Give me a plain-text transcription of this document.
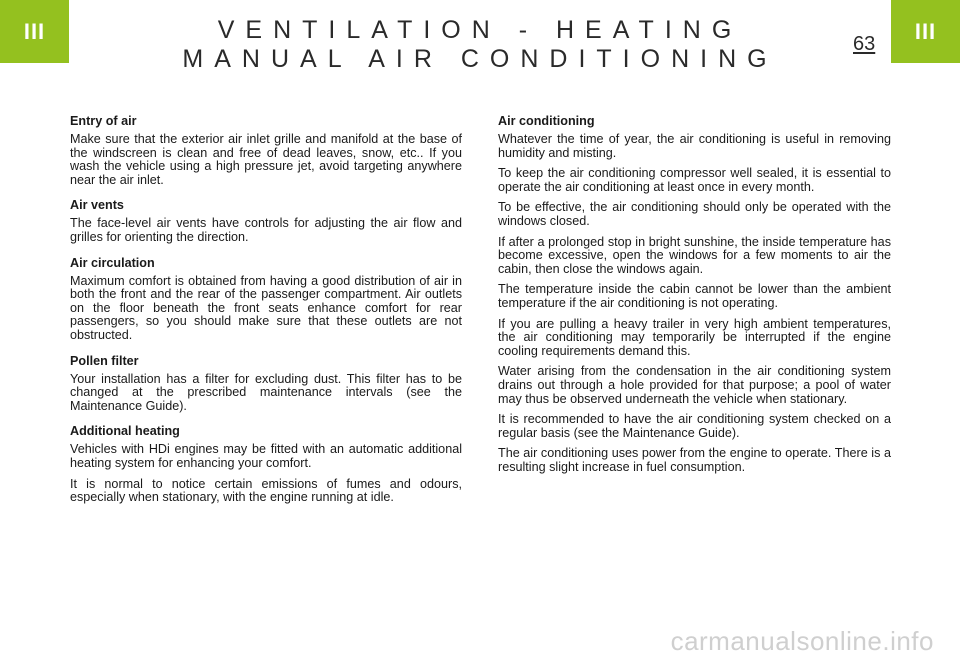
III	III
VENTILATION - HEATING
MANUAL AIR CONDITIONING
63
Entry of air

Make sure that the exterior air inlet grille and manifold at the base of the windscreen is clean and free of dead leaves, snow, etc.. If you wash the vehicle using a high pressure jet, avoid targeting anywhere near the air inlet.

Air vents

The face-level air vents have controls for adjusting the air flow and grilles for orienting the direction.

Air circulation

Maximum comfort is obtained from having a good distribution of air in both the front and the rear of the passenger compartment. Air outlets on the floor beneath the front seats enhance comfort for rear passengers, so you should make sure that these outlets are not obstructed.

Pollen filter

Your installation has a filter for excluding dust. This filter has to be changed at the prescribed maintenance intervals (see the Maintenance Guide).

Additional heating

Vehicles with HDi engines may be fitted with an automatic additional heating system for enhancing your comfort.

It is normal to notice certain emissions of fumes and odours, especially when stationary, with the engine running at idle.

Air conditioning

Whatever the time of year, the air conditioning is useful in removing humidity and misting.

To keep the air conditioning compressor well sealed, it is essential to operate the air conditioning at least once in every month.

To be effective, the air conditioning should only be operated with the windows closed.

If after a prolonged stop in bright sunshine, the inside temperature has become excessive, open the windows for a few moments to air the cabin, then close the windows again.

The temperature inside the cabin cannot be lower than the ambient temperature if the air conditioning is not operating.

If you are pulling a heavy trailer in very high ambient temperatures, the air conditioning may temporarily be interrupted if the engine cooling requirements demand this.

Water arising from the condensation in the air conditioning system drains out through a hole provided for that purpose; a pool of water may thus be observed underneath the vehicle when stationary.

It is recommended to have the air conditioning system checked on a regular basis (see the Maintenance Guide).

The air conditioning uses power from the engine to operate. There is a resulting slight increase in fuel consumption.

carmanualsonline.info
